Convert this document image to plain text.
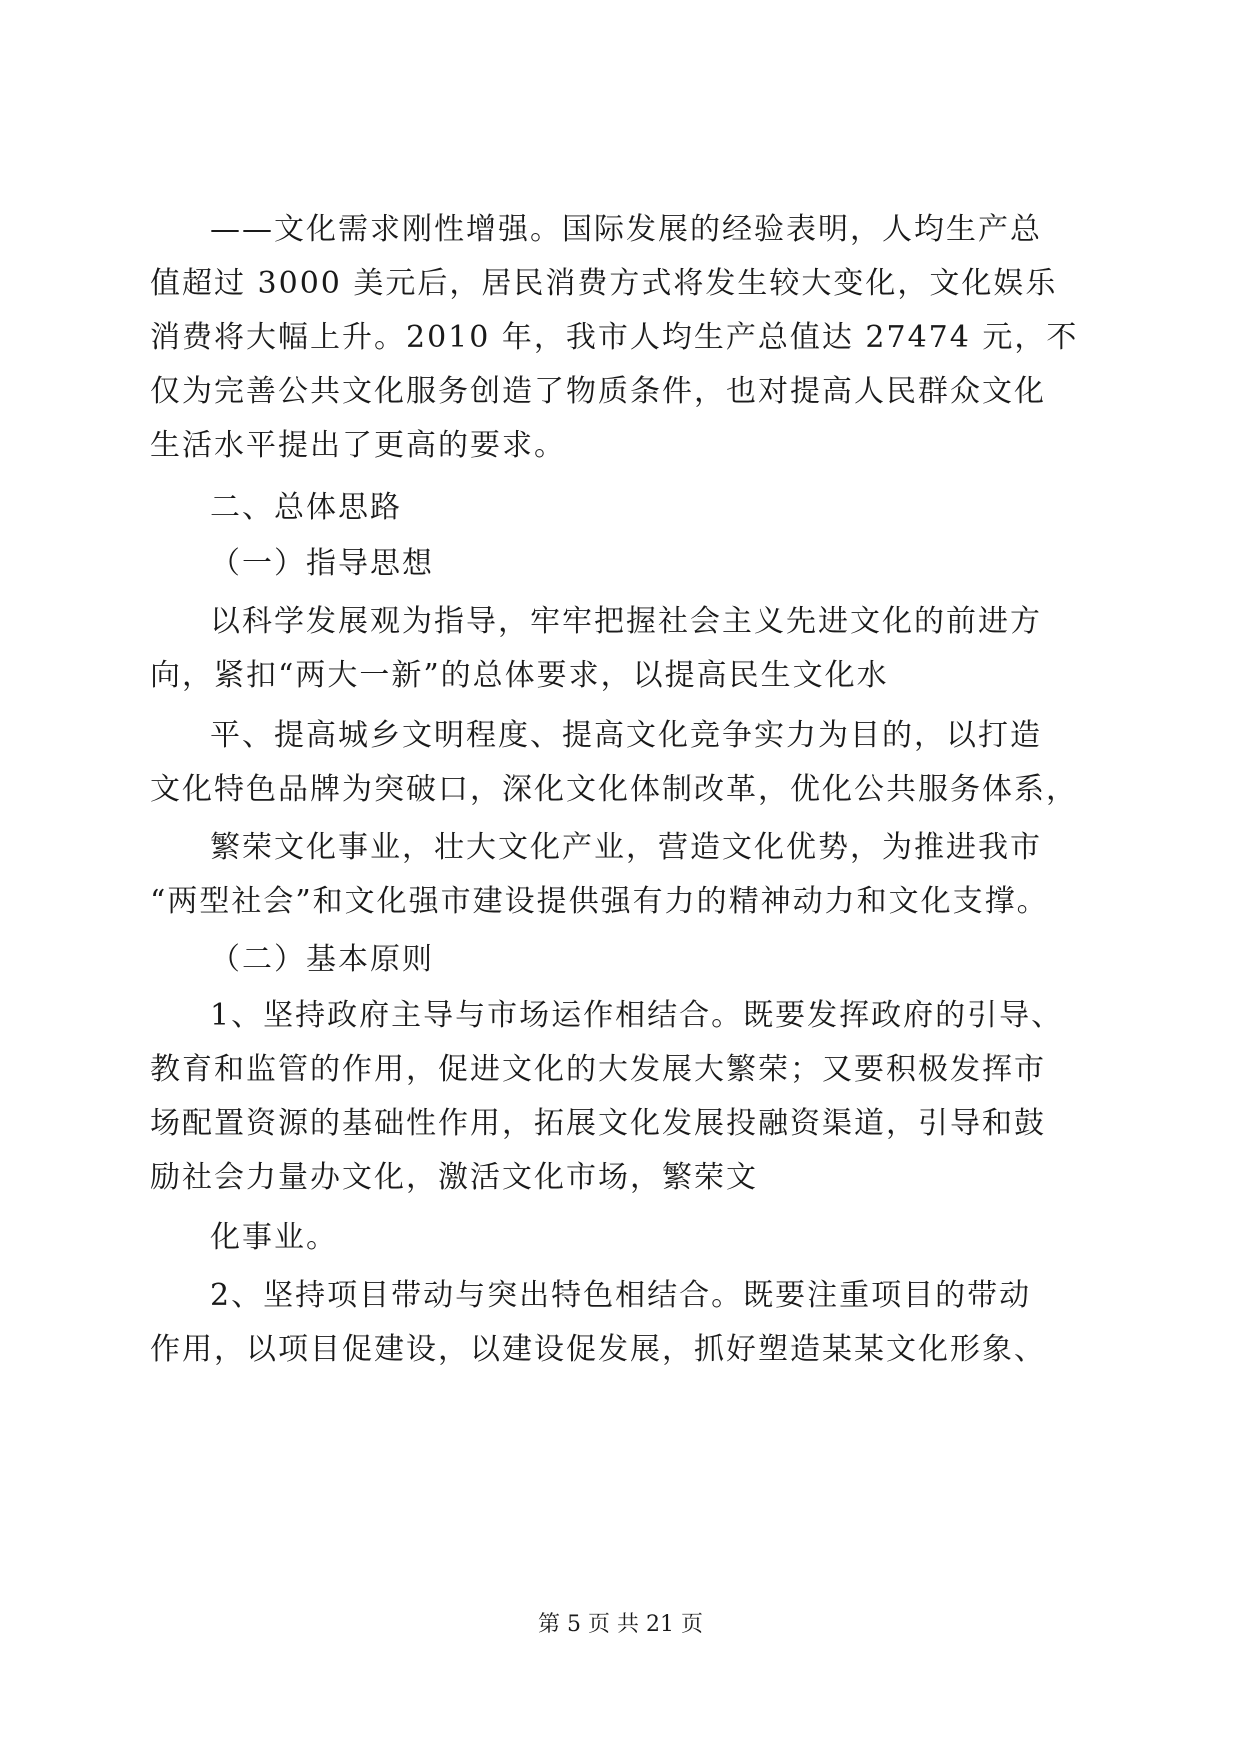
——文化需求刚性增强。国际发展的经验表明，人均生产总
值超过 3000 美元后，居民消费方式将发生较大变化，文化娱乐
消费将大幅上升。2010 年，我市人均生产总值达 27474 元，不
仅为完善公共文化服务创造了物质条件，也对提高人民群众文化
生活水平提出了更高的要求。
二、总体思路
（一）指导思想
以科学发展观为指导，牢牢把握社会主义先进文化的前进方
向，紧扣“两大一新”的总体要求，以提高民生文化水
平、提高城乡文明程度、提高文化竞争实力为目的，以打造
文化特色品牌为突破口，深化文化体制改革，优化公共服务体系，
繁荣文化事业，壮大文化产业，营造文化优势，为推进我市
“两型社会”和文化强市建设提供强有力的精神动力和文化支撑。
（二）基本原则
1、坚持政府主导与市场运作相结合。既要发挥政府的引导、
教育和监管的作用，促进文化的大发展大繁荣；又要积极发挥市
场配置资源的基础性作用，拓展文化发展投融资渠道，引导和鼓
励社会力量办文化，激活文化市场，繁荣文
化事业。
2、坚持项目带动与突出特色相结合。既要注重项目的带动
作用，以项目促建设，以建设促发展，抓好塑造某某文化形象、
第 5 页 共 21 页
